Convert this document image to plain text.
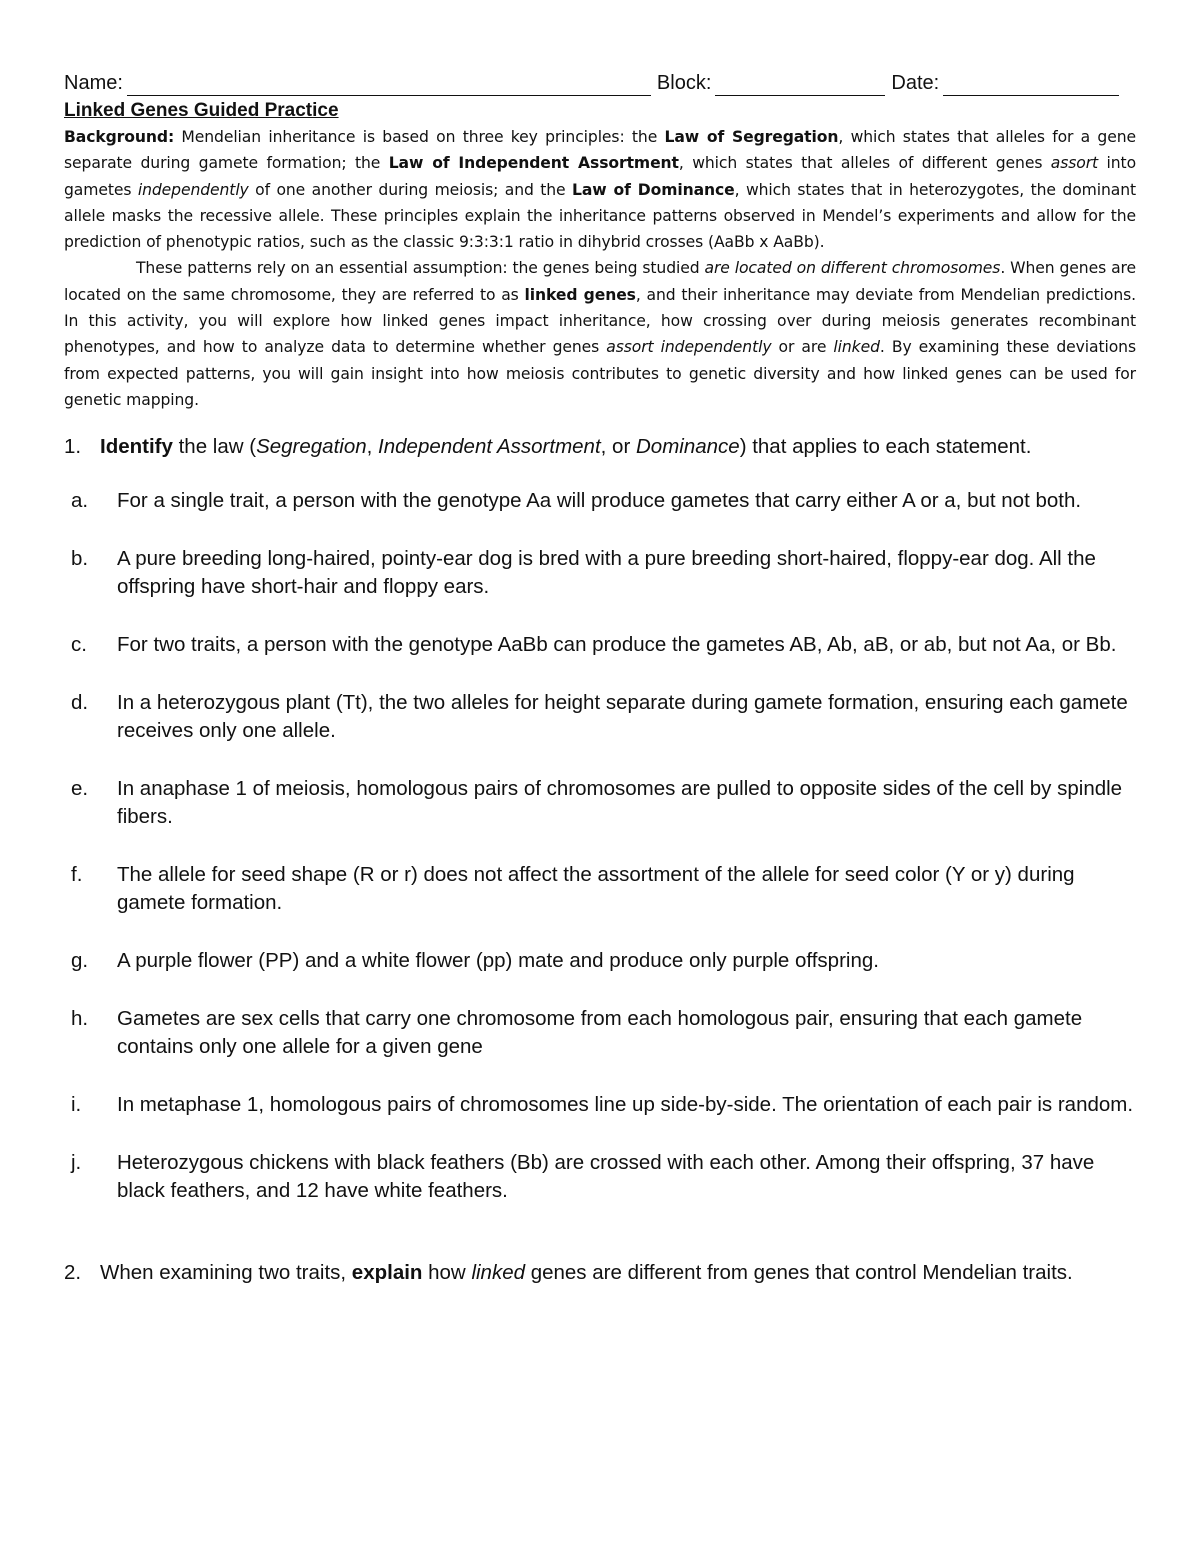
Name:	Block:	Date:
Linked Genes Guided Practice

Background: Mendelian inheritance is based on three key principles: the Law of Segregation, which states that alleles for a gene separate during gamete formation; the Law of Independent Assortment, which states that alleles of different genes assort into gametes independently of one another during meiosis; and the Law of Dominance, which states that in heterozygotes, the dominant allele masks the recessive allele. These principles explain the inheritance patterns observed in Mendel’s experiments and allow for the prediction of phenotypic ratios, such as the classic 9:3:3:1 ratio in dihybrid crosses (AaBb x AaBb).

These patterns rely on an essential assumption: the genes being studied are located on different chromosomes. When genes are located on the same chromosome, they are referred to as linked genes, and their inheritance may deviate from Mendelian predictions. In this activity, you will explore how linked genes impact inheritance, how crossing over during meiosis generates recombinant phenotypes, and how to analyze data to determine whether genes assort independently or are linked. By examining these deviations from expected patterns, you will gain insight into how meiosis contributes to genetic diversity and how linked genes can be used for genetic mapping.

1. Identify the law (Segregation, Independent Assortment, or Dominance) that applies to each statement.
a.	For a single trait, a person with the genotype Aa will produce gametes that carry either A or a, but not both.
b.	A pure breeding long-haired, pointy-ear dog is bred with a pure breeding short-haired, floppy-ear dog. All the offspring have short-hair and floppy ears.
c.	For two traits, a person with the genotype AaBb can produce the gametes AB, Ab, aB, or ab, but not Aa, or Bb.
d.	In a heterozygous plant (Tt), the two alleles for height separate during gamete formation, ensuring each gamete receives only one allele.
e.	In anaphase 1 of meiosis, homologous pairs of chromosomes are pulled to opposite sides of the cell by spindle fibers.
f.	The allele for seed shape (R or r) does not affect the assortment of the allele for seed color (Y or y) during gamete formation.
g.	A purple flower (PP) and a white flower (pp) mate and produce only purple offspring.
h.	Gametes are sex cells that carry one chromosome from each homologous pair, ensuring that each gamete contains only one allele for a given gene
i.	In metaphase 1, homologous pairs of chromosomes line up side-by-side. The orientation of each pair is random.
j.	Heterozygous chickens with black feathers (Bb) are crossed with each other. Among their offspring, 37 have black feathers, and 12 have white feathers.
2. When examining two traits, explain how linked genes are different from genes that control Mendelian traits.
